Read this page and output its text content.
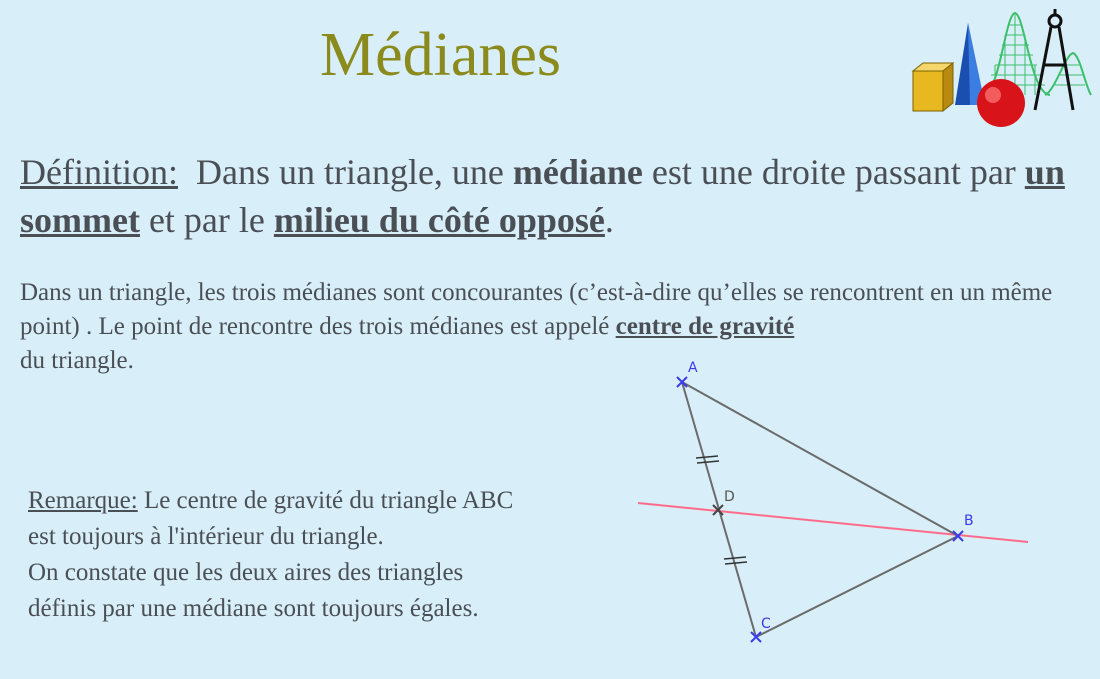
Médianes
Définition: Dans un triangle, une médiane est une droite passant par un sommet et par le milieu du côté opposé.
Dans un triangle, les trois médianes sont concourantes (c’est-à-dire qu’elles se rencontrent en un même point) . Le point de rencontre des trois médianes est appelé centre de gravité
du triangle.
Remarque: Le centre de gravité du triangle ABC
est toujours à l'intérieur du triangle.
On constate que les deux aires des triangles
définis par une médiane sont toujours égales.
A
D
B
C
